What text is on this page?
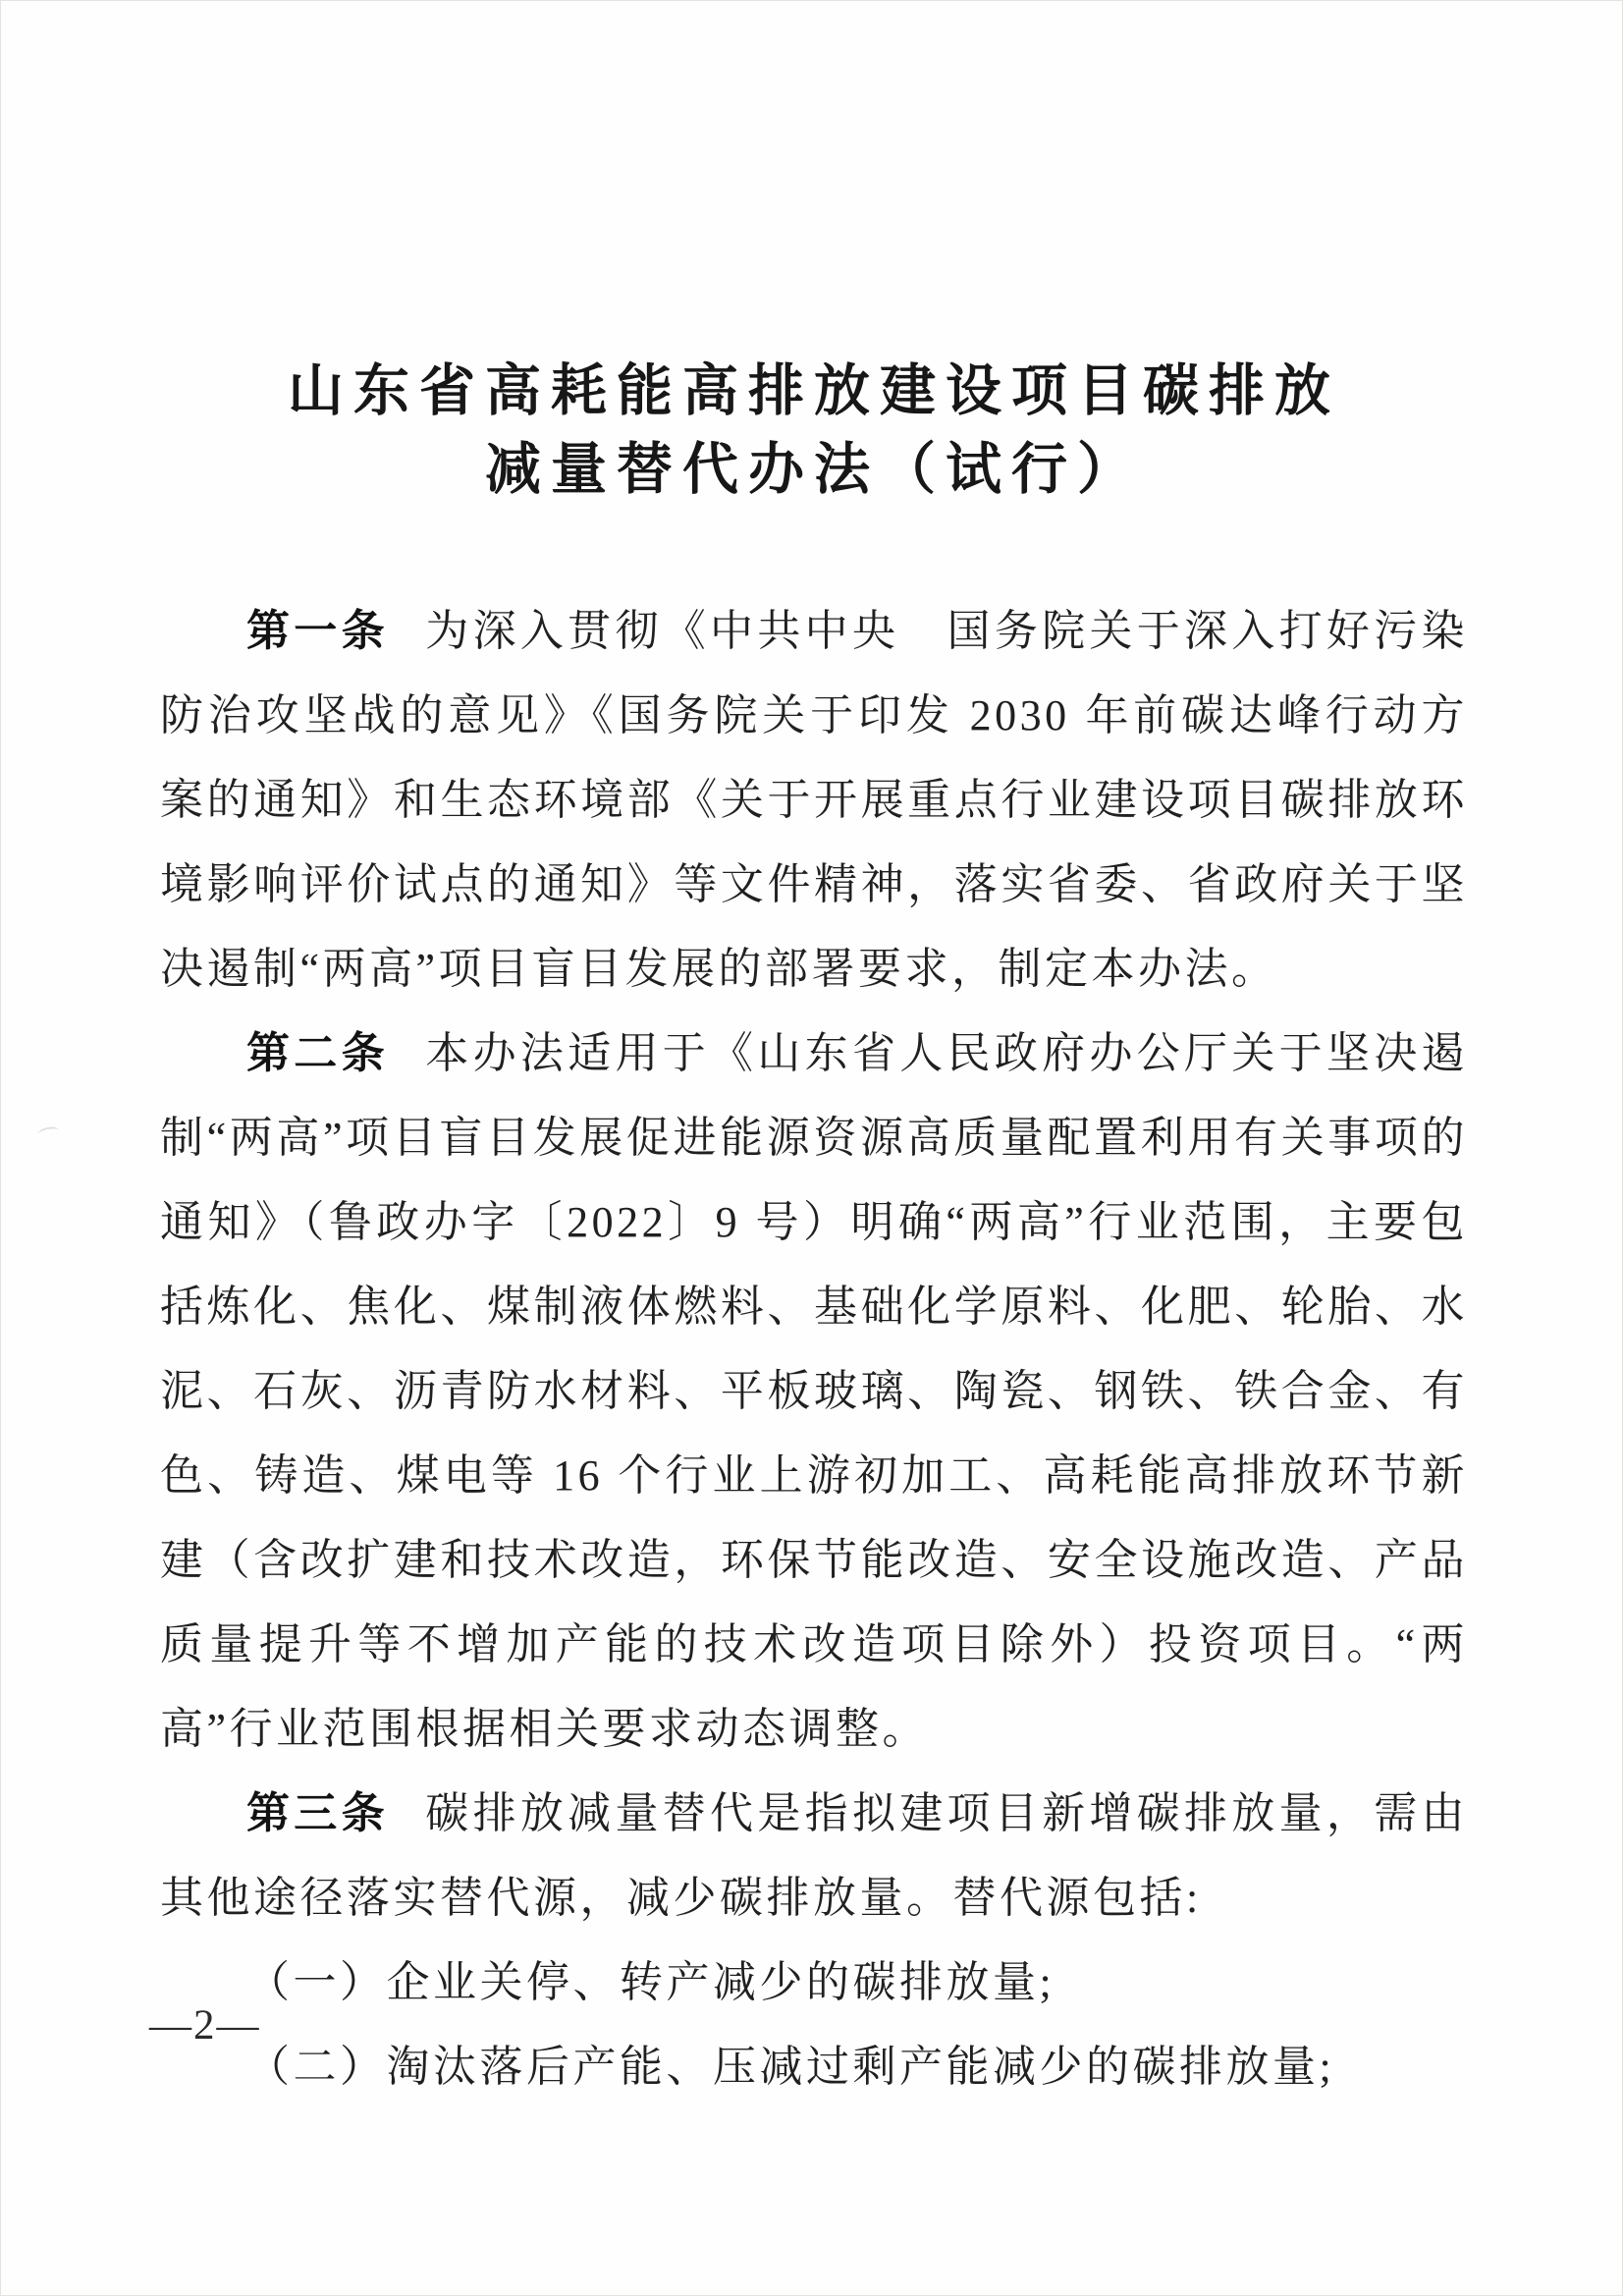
山东省高耗能高排放建设项目碳排放
减量替代办法（试行）

第一条 为深入贯彻《中共中央　国务院关于深入打好污染防治攻坚战的意见》《国务院关于印发 2030 年前碳达峰行动方案的通知》和生态环境部《关于开展重点行业建设项目碳排放环境影响评价试点的通知》等文件精神，落实省委、省政府关于坚决遏制“两高”项目盲目发展的部署要求，制定本办法。

第二条 本办法适用于《山东省人民政府办公厅关于坚决遏制“两高”项目盲目发展促进能源资源高质量配置利用有关事项的通知》（鲁政办字〔2022〕9 号）明确“两高”行业范围，主要包括炼化、焦化、煤制液体燃料、基础化学原料、化肥、轮胎、水泥、石灰、沥青防水材料、平板玻璃、陶瓷、钢铁、铁合金、有色、铸造、煤电等 16 个行业上游初加工、高耗能高排放环节新建（含改扩建和技术改造，环保节能改造、安全设施改造、产品质量提升等不增加产能的技术改造项目除外）投资项目。“两高”行业范围根据相关要求动态调整。

第三条 碳排放减量替代是指拟建项目新增碳排放量，需由其他途径落实替代源，减少碳排放量。替代源包括:

（一）企业关停、转产减少的碳排放量;

（二）淘汰落后产能、压减过剩产能减少的碳排放量;

—2—
